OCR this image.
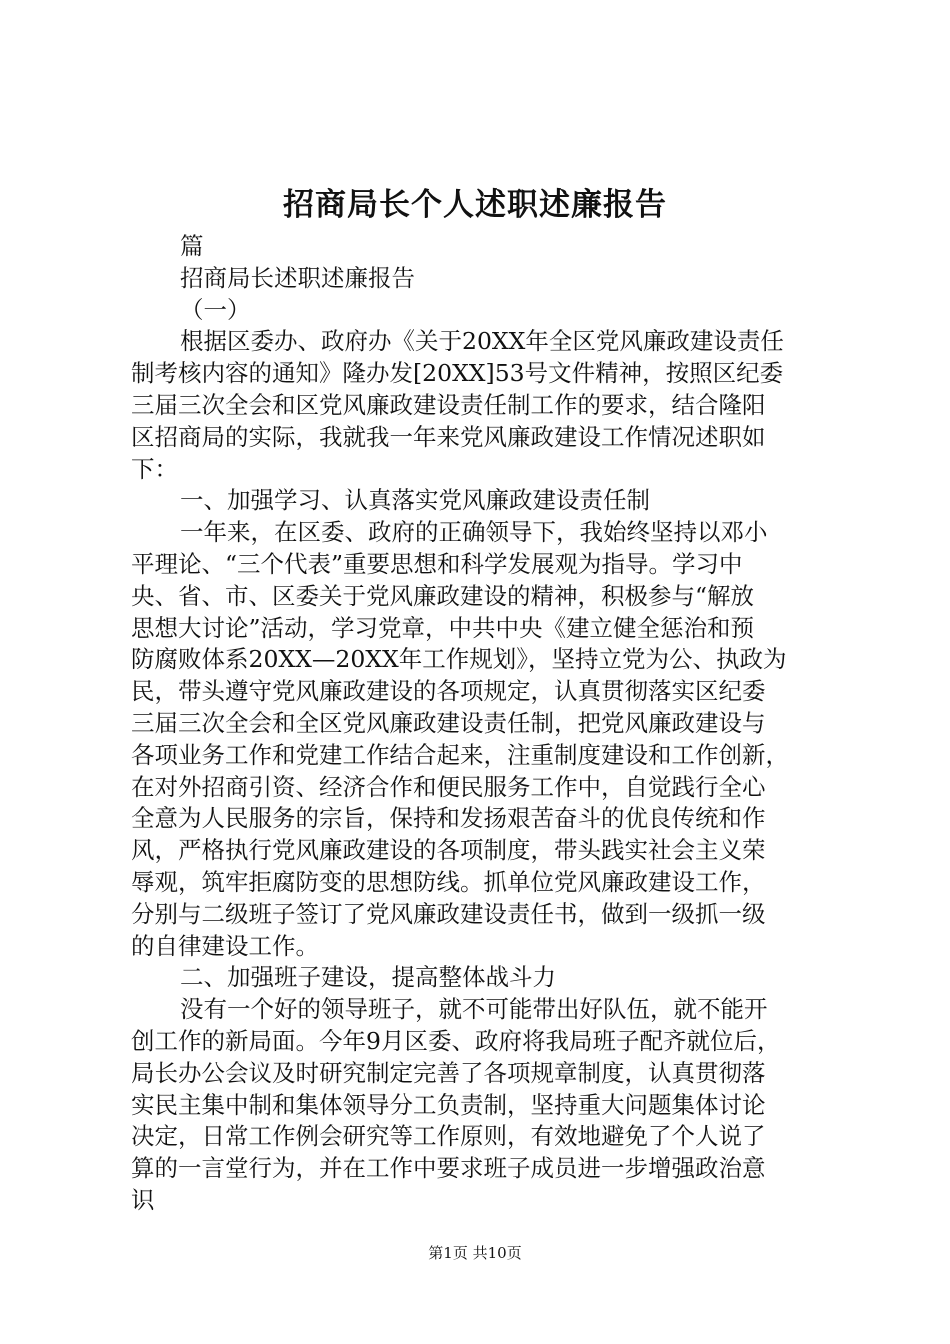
招商局长个人述职述廉报告
篇
招商局长述职述廉报告
（一）
根据区委办、政府办《关于20XX年全区党风廉政建设责任
制考核内容的通知》隆办发[20XX]53号文件精神，按照区纪委
三届三次全会和区党风廉政建设责任制工作的要求，结合隆阳
区招商局的实际，我就我一年来党风廉政建设工作情况述职如
下：
一、加强学习、认真落实党风廉政建设责任制
一年来，在区委、政府的正确领导下，我始终坚持以邓小
平理论、“三个代表”重要思想和科学发展观为指导。学习中
央、省、市、区委关于党风廉政建设的精神，积极参与“解放
思想大讨论”活动，学习党章，中共中央《建立健全惩治和预
防腐败体系20XX—20XX年工作规划》，坚持立党为公、执政为
民，带头遵守党风廉政建设的各项规定，认真贯彻落实区纪委
三届三次全会和全区党风廉政建设责任制，把党风廉政建设与
各项业务工作和党建工作结合起来，注重制度建设和工作创新，
在对外招商引资、经济合作和便民服务工作中，自觉践行全心
全意为人民服务的宗旨，保持和发扬艰苦奋斗的优良传统和作
风，严格执行党风廉政建设的各项制度，带头践实社会主义荣
辱观，筑牢拒腐防变的思想防线。抓单位党风廉政建设工作，
分别与二级班子签订了党风廉政建设责任书，做到一级抓一级
的自律建设工作。
二、加强班子建设，提高整体战斗力
没有一个好的领导班子，就不可能带出好队伍，就不能开
创工作的新局面。今年9月区委、政府将我局班子配齐就位后，
局长办公会议及时研究制定完善了各项规章制度，认真贯彻落
实民主集中制和集体领导分工负责制，坚持重大问题集体讨论
决定，日常工作例会研究等工作原则，有效地避免了个人说了
算的一言堂行为，并在工作中要求班子成员进一步增强政治意
识
第1页 共10页
